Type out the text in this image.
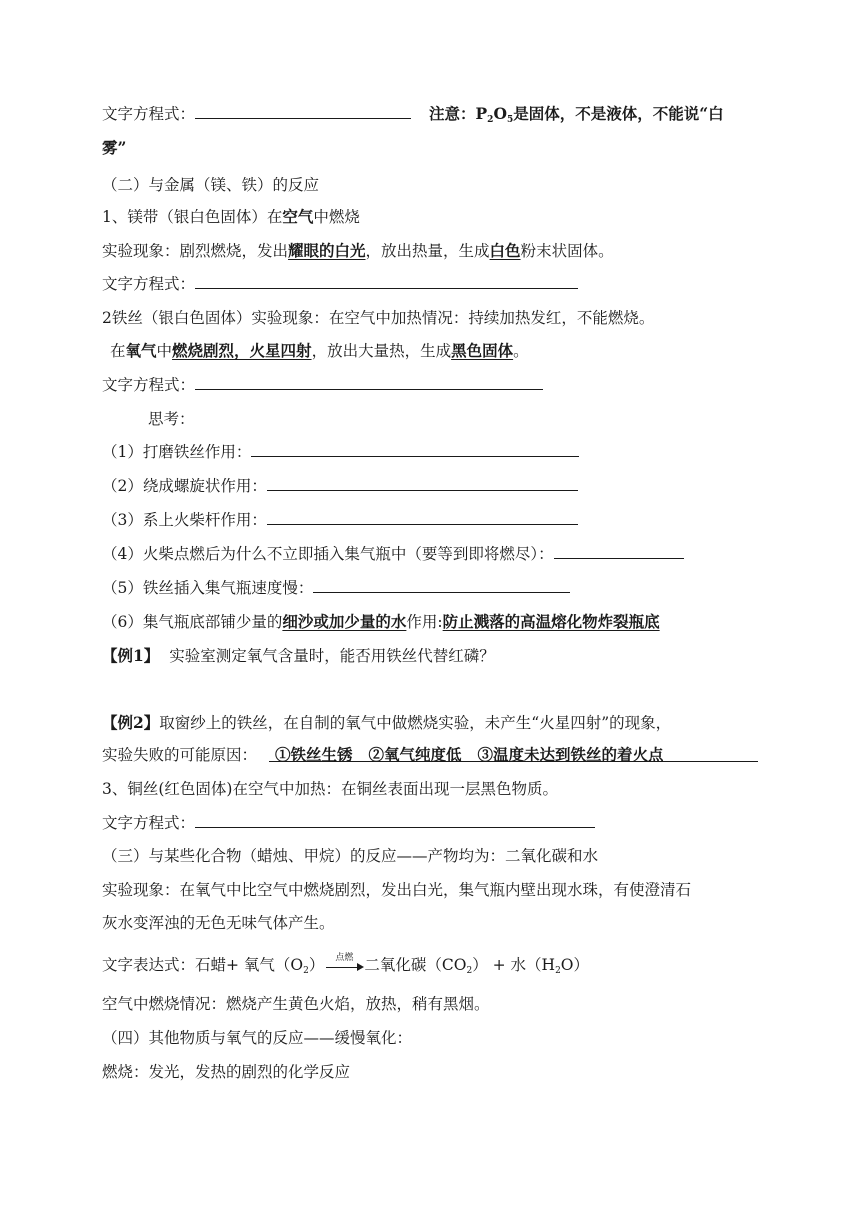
文字方程式：	注意：$P_2O_5$是固体，不是液体，不能说“白
雾”
（二）与金属（镁、铁）的反应
1、镁带（银白色固体）在空气中燃烧
实验现象：剧烈燃烧，发出耀眼的白光，放出热量，生成白色粉末状固体。
文字方程式：
2铁丝（银白色固体）实验现象：在空气中加热情况：持续加热发红，不能燃烧。
在氧气中燃烧剧烈，火星四射，放出大量热，生成黑色固体。
文字方程式：
思考：
（1）打磨铁丝作用：
（2）绕成螺旋状作用：
（3）系上火柴杆作用：
（4）火柴点燃后为什么不立即插入集气瓶中（要等到即将燃尽）：
（5）铁丝插入集气瓶速度慢：
（6）集气瓶底部铺少量的细沙或加少量的水作用:防止溅落的高温熔化物炸裂瓶底
【例1】 实验室测定氧气含量时，能否用铁丝代替红磷？
【例2】取窗纱上的铁丝，在自制的氧气中做燃烧实验，未产生“火星四射”的现象，
实验失败的可能原因： ①铁丝生锈 ②氧气纯度低 ③温度未达到铁丝的着火点
3、铜丝(红色固体)在空气中加热：在铜丝表面出现一层黑色物质。
文字方程式：
（三）与某些化合物（蜡烛、甲烷）的反应——产物均为：二氧化碳和水
实验现象：在氧气中比空气中燃烧剧烈，发出白光，集气瓶内壁出现水珠，有使澄清石
灰水变浑浊的无色无味气体产生。
文字表达式：石蜡+ 氧气$(O_2)$	点燃 二氧化碳$(CO_2)$ + 水$(H_2O)$
空气中燃烧情况：燃烧产生黄色火焰，放热，稍有黑烟。
（四）其他物质与氧气的反应——缓慢氧化：
燃烧：发光，发热的剧烈的化学反应
